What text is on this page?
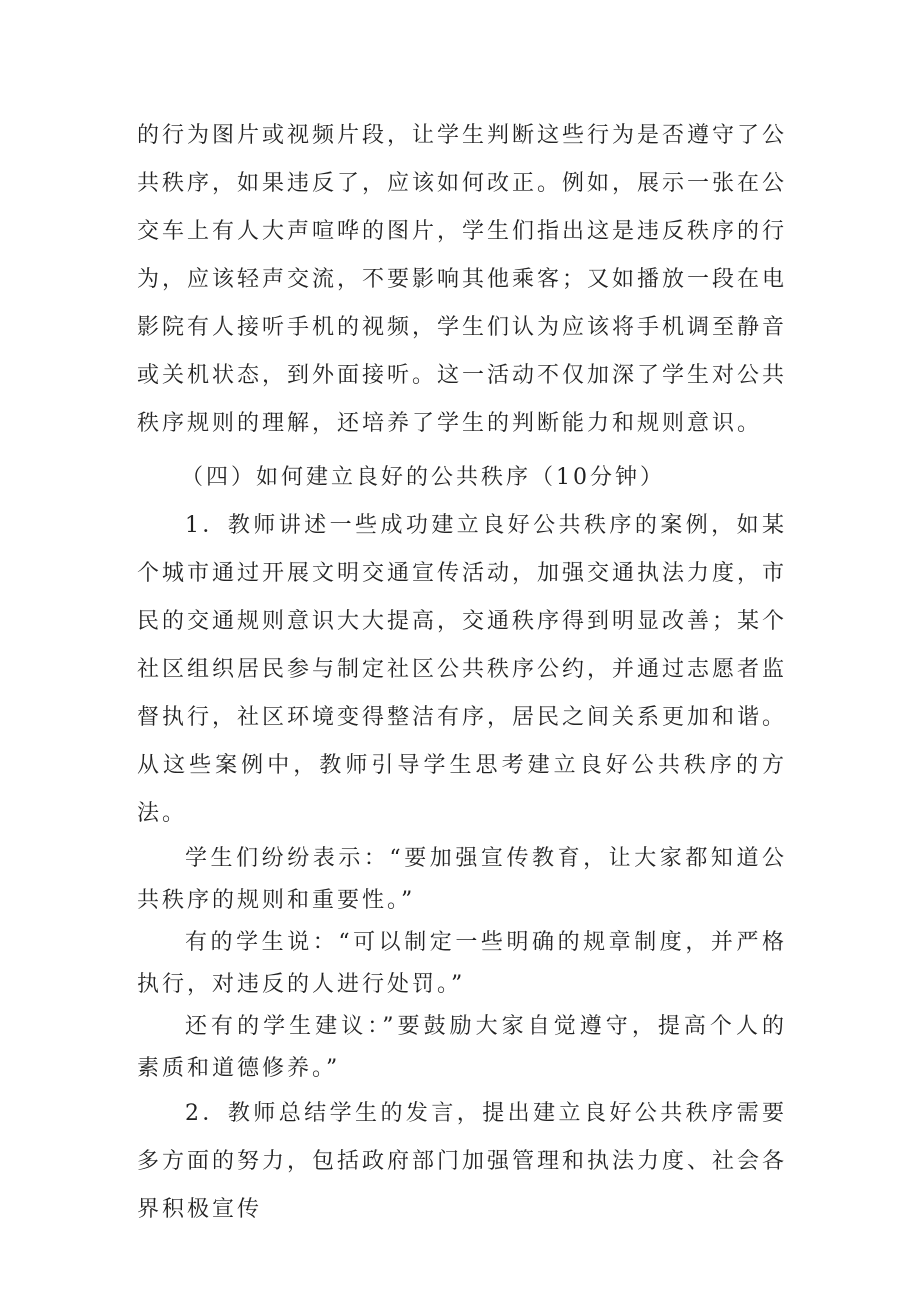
的行为图片或视频片段，让学生判断这些行为是否遵守了公共秩序，如果违反了，应该如何改正。例如，展示一张在公交车上有人大声喧哗的图片，学生们指出这是违反秩序的行为，应该轻声交流，不要影响其他乘客；又如播放一段在电影院有人接听手机的视频，学生们认为应该将手机调至静音或关机状态，到外面接听。这一活动不仅加深了学生对公共秩序规则的理解，还培养了学生的判断能力和规则意识。

（四）如何建立良好的公共秩序（10分钟）

1．教师讲述一些成功建立良好公共秩序的案例，如某个城市通过开展文明交通宣传活动，加强交通执法力度，市民的交通规则意识大大提高，交通秩序得到明显改善；某个社区组织居民参与制定社区公共秩序公约，并通过志愿者监督执行，社区环境变得整洁有序，居民之间关系更加和谐。从这些案例中，教师引导学生思考建立良好公共秩序的方法。

学生们纷纷表示：“要加强宣传教育，让大家都知道公共秩序的规则和重要性。”

有的学生说：“可以制定一些明确的规章制度，并严格执行，对违反的人进行处罚。”

还有的学生建议：”要鼓励大家自觉遵守，提高个人的素质和道德修养。”

2．教师总结学生的发言，提出建立良好公共秩序需要多方面的努力，包括政府部门加强管理和执法力度、社会各界积极宣传
